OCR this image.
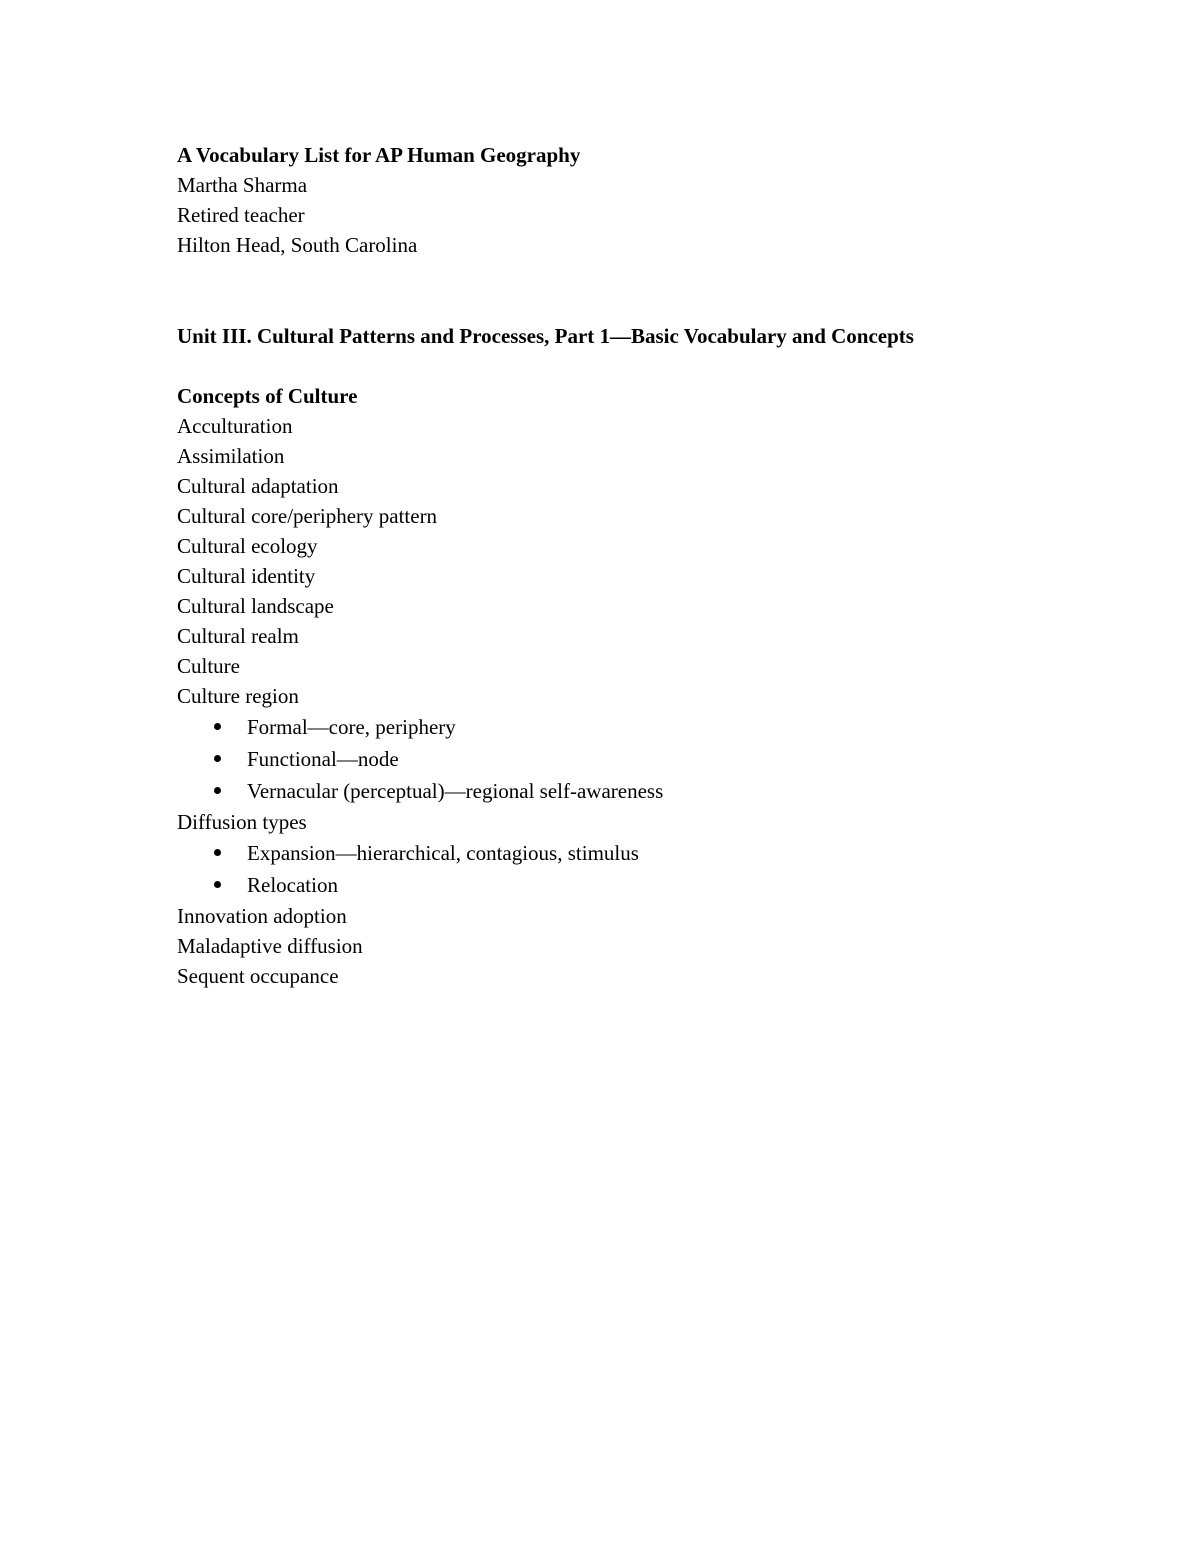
A Vocabulary List for AP Human Geography
Martha Sharma
Retired teacher
Hilton Head, South Carolina
Unit III. Cultural Patterns and Processes, Part 1—Basic Vocabulary and Concepts
Concepts of Culture
Acculturation
Assimilation
Cultural adaptation
Cultural core/periphery pattern
Cultural ecology
Cultural identity
Cultural landscape
Cultural realm
Culture
Culture region
Formal—core, periphery
Functional—node
Vernacular (perceptual)—regional self-awareness
Diffusion types
Expansion—hierarchical, contagious, stimulus
Relocation
Innovation adoption
Maladaptive diffusion
Sequent occupance
